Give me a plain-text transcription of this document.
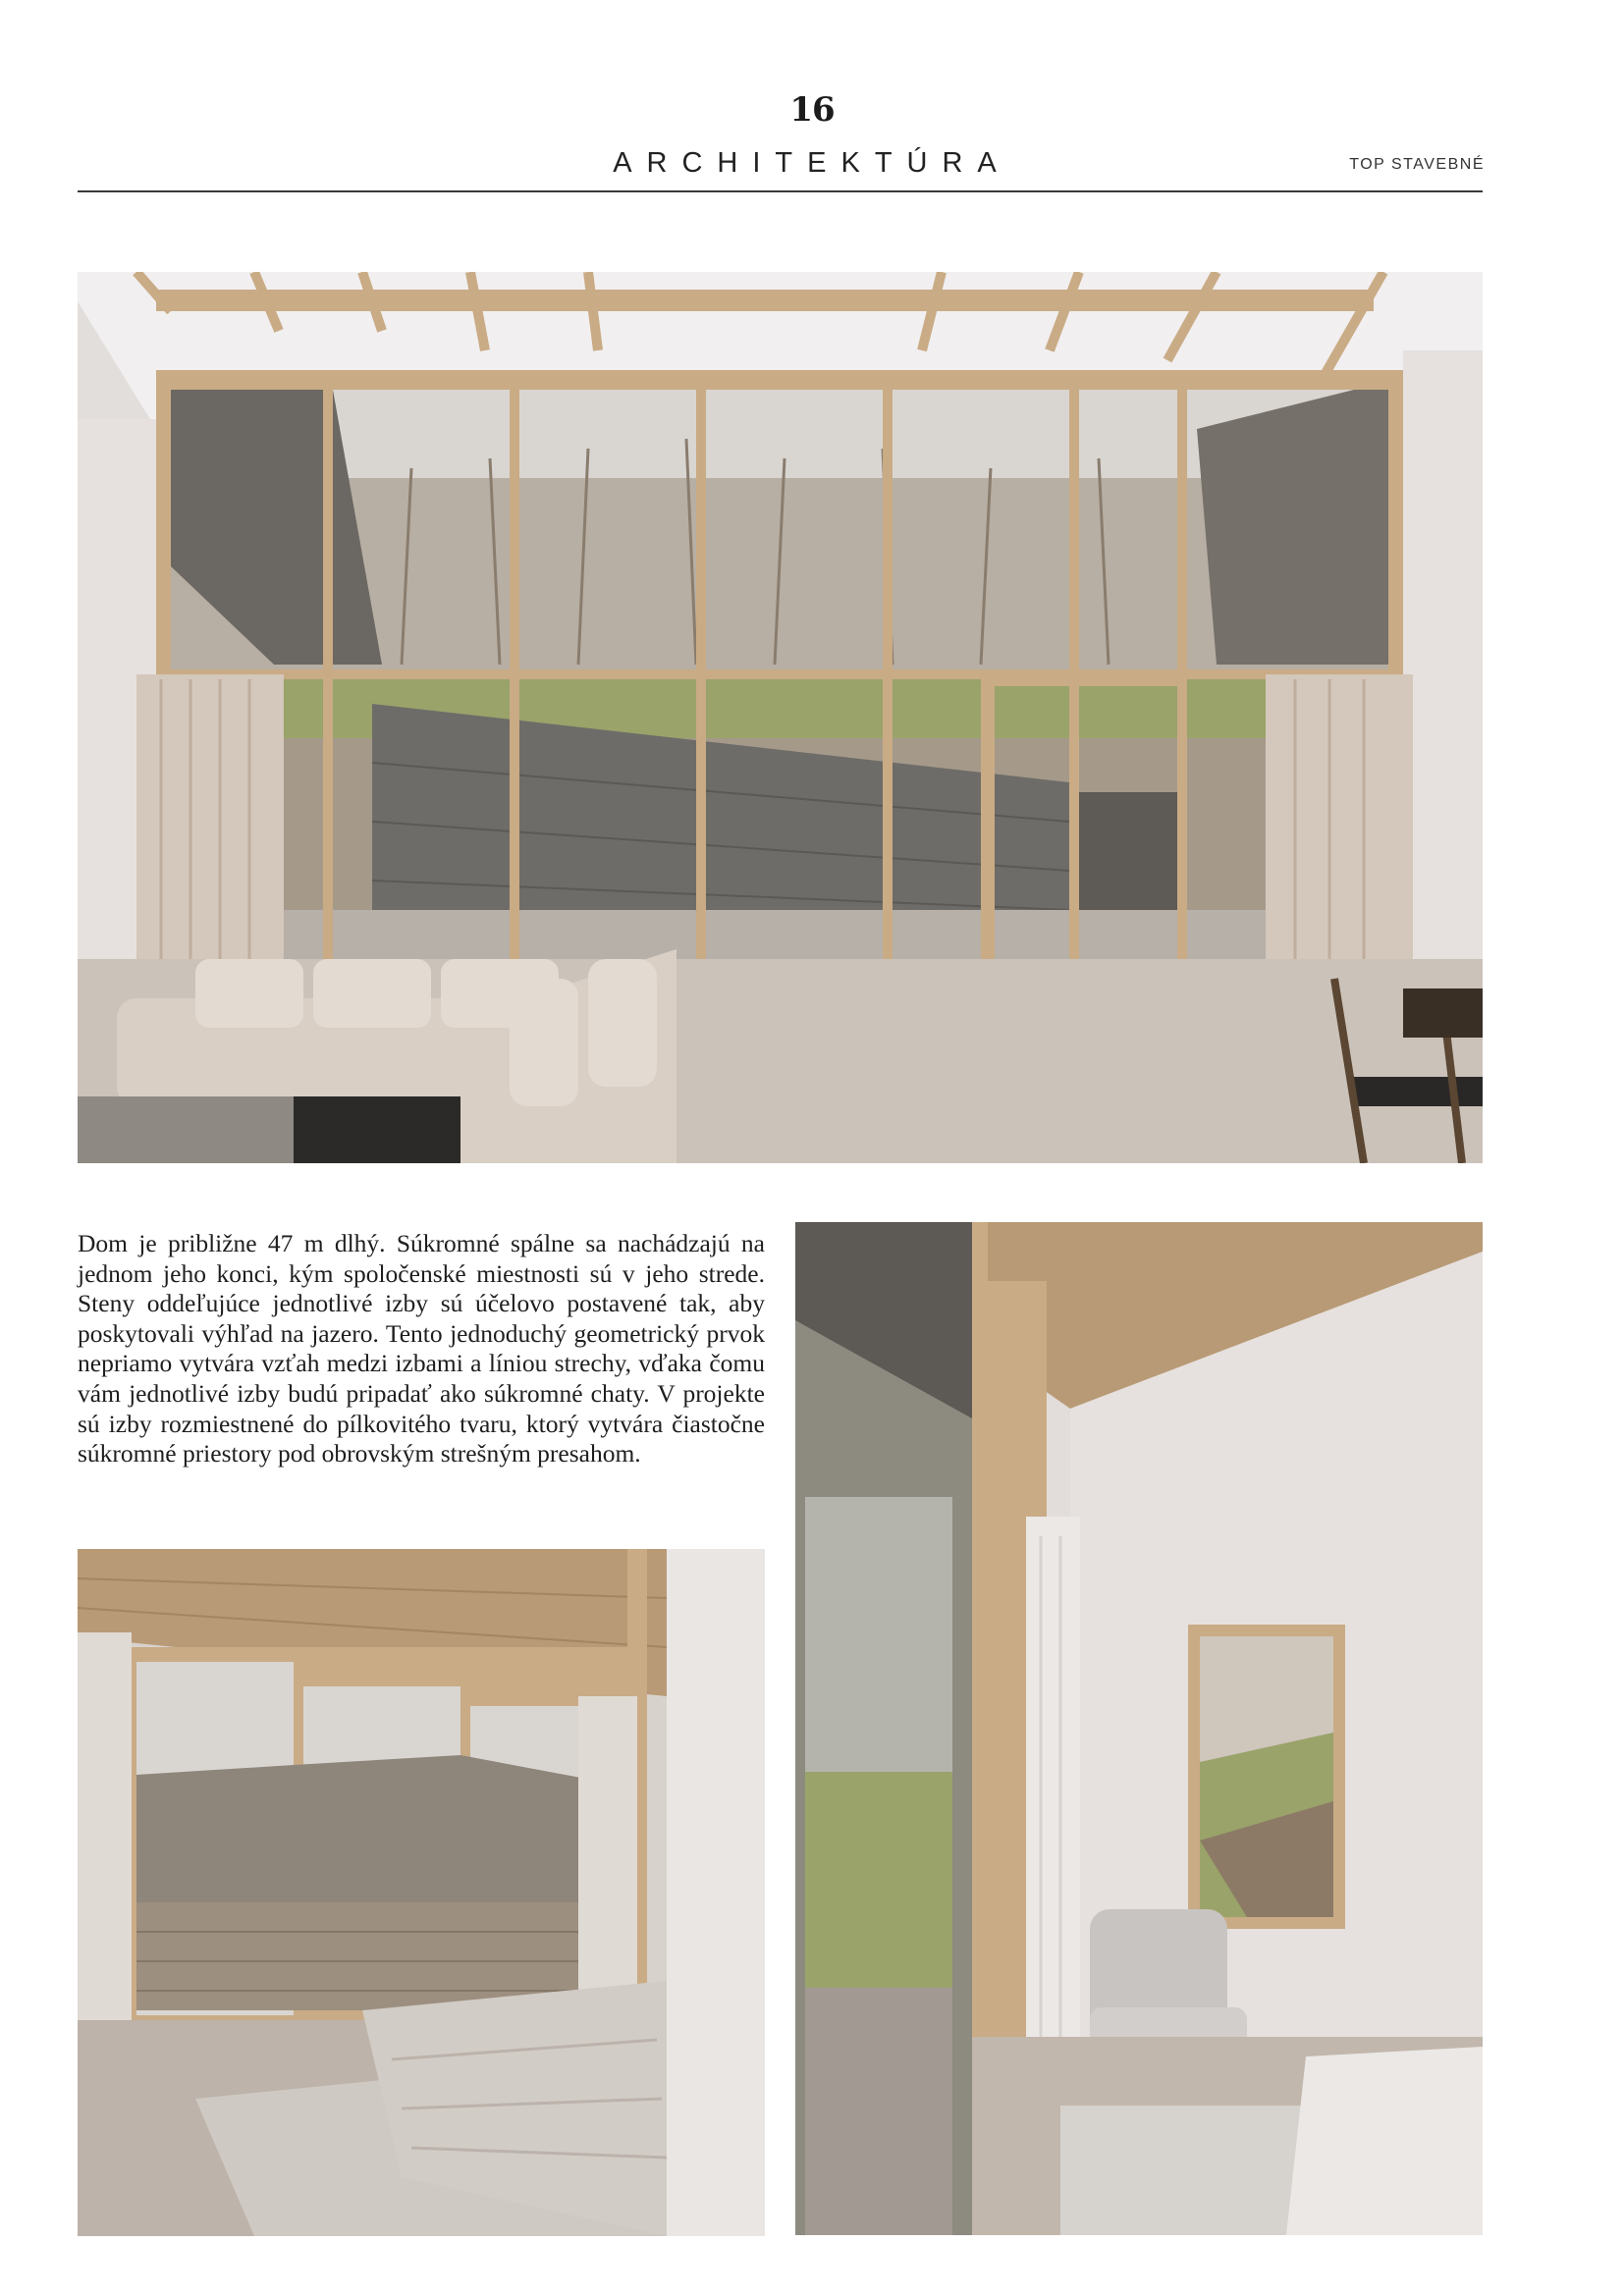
16
ARCHITEKTÚRA	TOP STAVEBNÉ

Dom je približne 47 m dlhý. Súkromné spálne sa nachádzajú na jednom jeho konci, kým spoločenské miestnosti sú v jeho strede. Steny oddeľujúce jednotlivé izby sú účelovo postavené tak, aby poskytovali výhľad na jazero. Tento jednoduchý geometrický prvok nepriamo vytvára vzťah medzi izbami a líniou strechy, vďaka čomu vám jednotlivé izby budú pripadať ako súkromné chaty. V projekte sú izby rozmiestnené do pílkovitého tvaru, ktorý vytvára čiastočne súkromné priestory pod obrovským strešným presahom.
